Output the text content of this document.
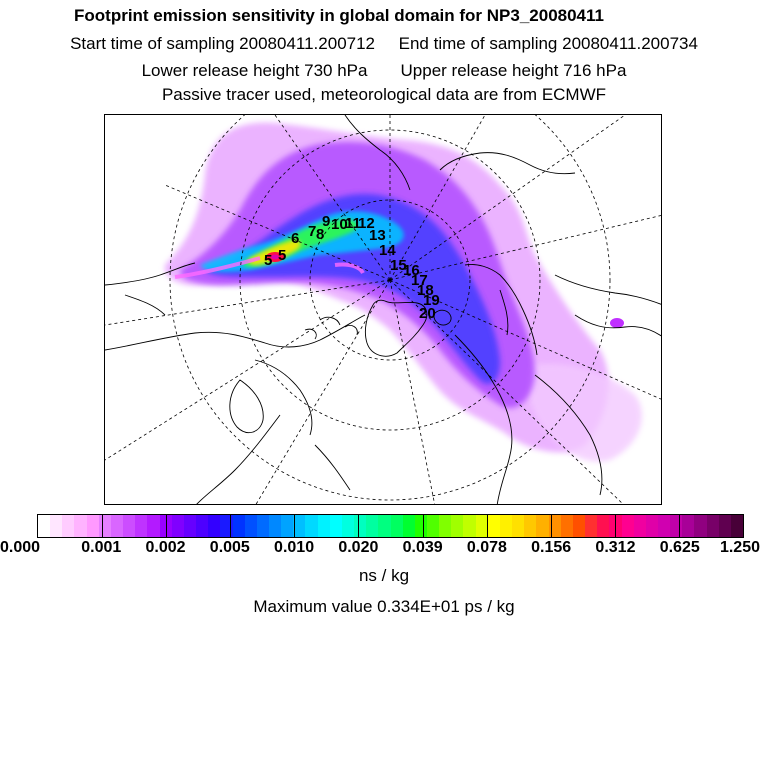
Footprint emission sensitivity in global domain for NP3_20080411
Start time of sampling 20080411.200712 End time of sampling 20080411.200734
Lower release height 730 hPa Upper release height 716 hPa
Passive tracer used, meteorological data are from ECMWF
5 5
6 7 8
9 10
11
12
13
14
15
16
17
18
19
20
0.000	0.001 0.002 0.005 0.010 0.020 0.039 0.078 0.156 0.312 0.625 1.250
ns / kg
Maximum value 0.334E+01 ps / kg
